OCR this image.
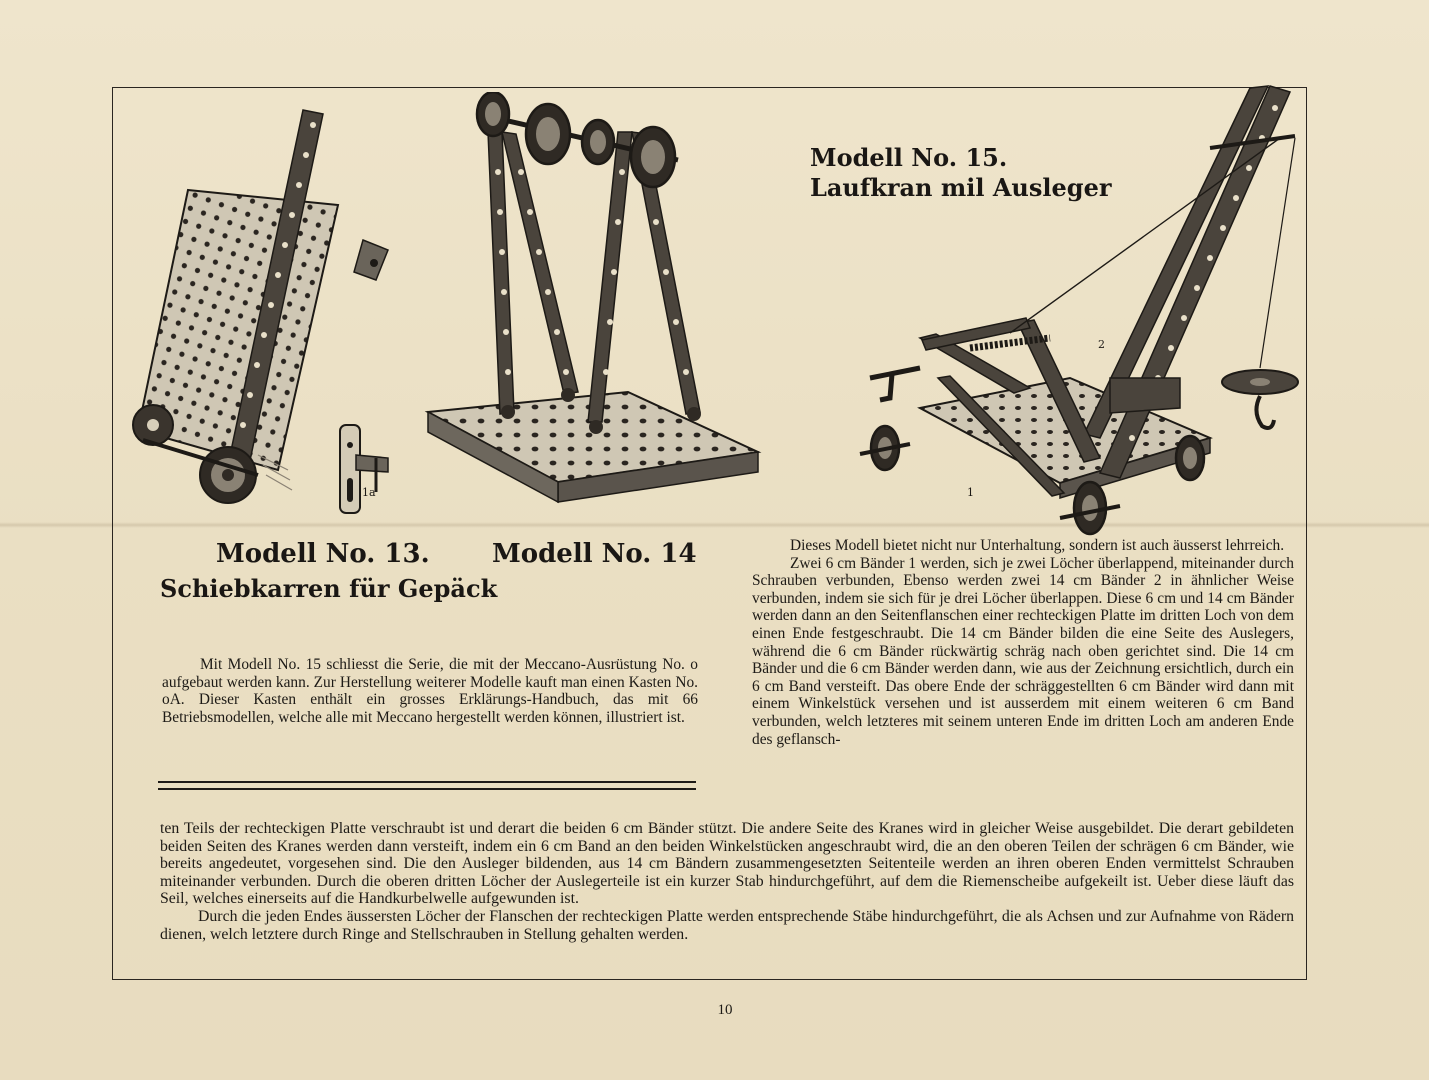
1a	1
2
Modell No. 15.
Laufkran mil Ausleger
Modell No. 13.
Schiebkarren für Gepäck
Modell No. 14
Mit Modell No. 15 schliesst die Serie, die mit der Meccano-Ausrüstung No. o aufgebaut werden kann. Zur Herstellung weiterer Modelle kauft man einen Kasten No. oA. Dieser Kasten enthält ein grosses Erklärungs-Handbuch, das mit 66 Betriebsmodellen, welche alle mit Meccano hergestellt werden können, illustriert ist.

Dieses Modell bietet nicht nur Unterhaltung, sondern ist auch äusserst lehrreich.

Zwei 6 cm Bänder 1 werden, sich je zwei Löcher überlappend, miteinander durch Schrauben verbunden, Ebenso werden zwei 14 cm Bänder 2 in ähnlicher Weise verbunden, indem sie sich für je drei Löcher überlappen. Diese 6 cm und 14 cm Bänder werden dann an den Seitenflanschen einer rechteckigen Platte im dritten Loch von dem einen Ende festgeschraubt. Die 14 cm Bänder bilden die eine Seite des Auslegers, während die 6 cm Bänder rückwärtig schräg nach oben gerichtet sind. Die 14 cm Bänder und die 6 cm Bänder werden dann, wie aus der Zeichnung ersichtlich, durch ein 6 cm Band versteift. Das obere Ende der schräggestellten 6 cm Bänder wird dann mit einem Winkelstück versehen und ist ausserdem mit einem weiteren 6 cm Band verbunden, welch letzteres mit seinem unteren Ende im dritten Loch am anderen Ende des geflansch-

ten Teils der rechteckigen Platte verschraubt ist und derart die beiden 6 cm Bänder stützt. Die andere Seite des Kranes wird in gleicher Weise ausgebildet. Die derart gebildeten beiden Seiten des Kranes werden dann versteift, indem ein 6 cm Band an den beiden Winkelstücken angeschraubt wird, die an den oberen Teilen der schrägen 6 cm Bänder, wie bereits angedeutet, vorgesehen sind. Die den Ausleger bildenden, aus 14 cm Bändern zusammengesetzten Seitenteile werden an ihren oberen Enden vermittelst Schrauben miteinander verbunden. Durch die oberen dritten Löcher der Auslegerteile ist ein kurzer Stab hindurchgeführt, auf dem die Riemenscheibe aufgekeilt ist. Ueber diese läuft das Seil, welches einerseits auf die Handkurbelwelle aufgewunden ist.

Durch die jeden Endes äussersten Löcher der Flanschen der rechteckigen Platte werden entsprechende Stäbe hindurchgeführt, die als Achsen und zur Aufnahme von Rädern dienen, welch letztere durch Ringe and Stellschrauben in Stellung gehalten werden.

10
